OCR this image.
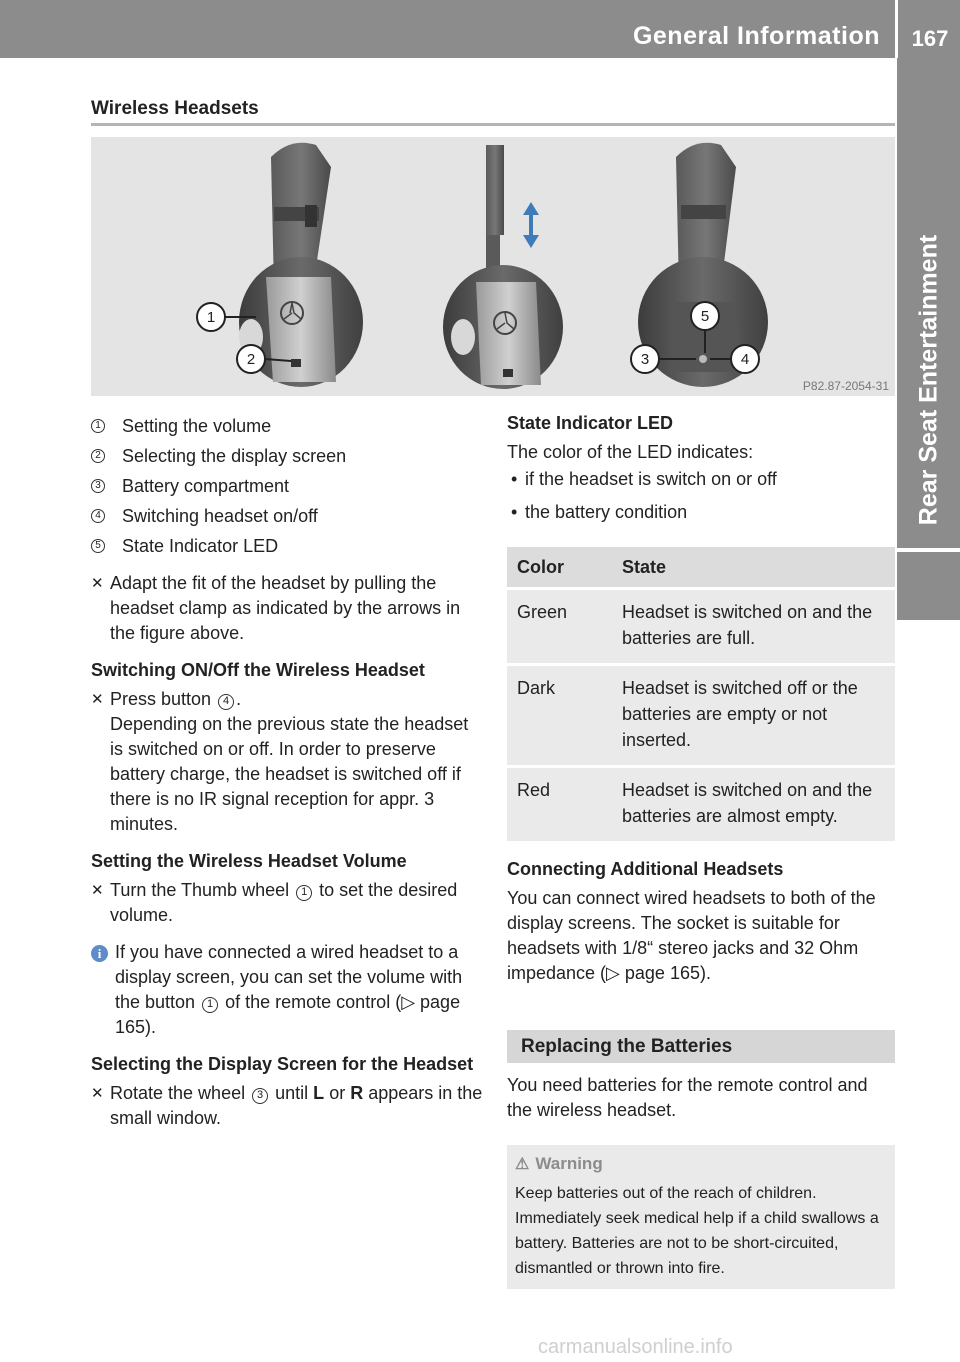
General Information	167
Rear Seat Entertainment
Wireless Headsets
1
2	3	4
5
P82.87-2054-31
1 Setting the volume
2 Selecting the display screen
3 Battery compartment
4 Switching headset on/off
5 State Indicator LED
✕ Adapt the fit of the headset by pulling the headset clamp as indicated by the arrows in the figure above.
Switching ON/Off the Wireless Headset
✕ Press button 4 .
Depending on the previous state the headset is switched on or off. In order to preserve battery charge, the headset is switched off if there is no IR signal reception for appr. 3 minutes.
Setting the Wireless Headset Volume
✕ Turn the Thumb wheel 1 to set the desired volume.
i If you have connected a wired headset to a display screen, you can set the volume with the button 1 of the remote control (▷ page 165).
Selecting the Display Screen for the Headset
✕ Rotate the wheel 3 until L or R appears in the small window.
State Indicator LED
The color of the LED indicates:
• if the headset is switch on or off
• the battery condition
Color	State
Green	Headset is switched on and the batteries are full.
Dark	Headset is switched off or the batteries are empty or not inserted.
Red	Headset is switched on and the batteries are almost empty.
Connecting Additional Headsets
You can connect wired headsets to both of the display screens. The socket is suitable for headsets with 1/8“ stereo jacks and 32 Ohm impedance (▷ page 165).
Replacing the Batteries
You need batteries for the remote control and the wireless headset.
⚠ Warning
Keep batteries out of the reach of children. Immediately seek medical help if a child swallows a battery. Batteries are not to be short-circuited, dismantled or thrown into fire.
carmanualsonline.info
